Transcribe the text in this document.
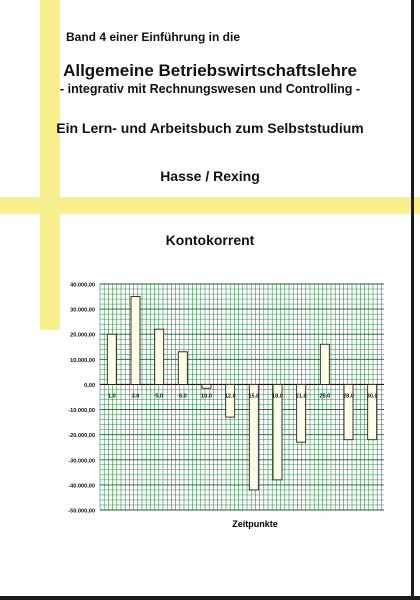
Band 4 einer Einführung in die

Allgemeine Betriebswirtschaftslehre

- integrativ mit Rechnungswesen und Controlling -

Ein Lern- und Arbeitsbuch zum Selbststudium

Hasse / Rexing

Kontokorrent

40.000,00
30.000,00
20.000,00
10.000,00
0,00
-10.000,00
-20.000,00
-30.000,00
-40.000,00
-50.000,00
1.0	3.0	5.0	6.0	10.0 12.0 15.0 18.0 21.0 25.0 28.0 30.0
Zeitpunkte
